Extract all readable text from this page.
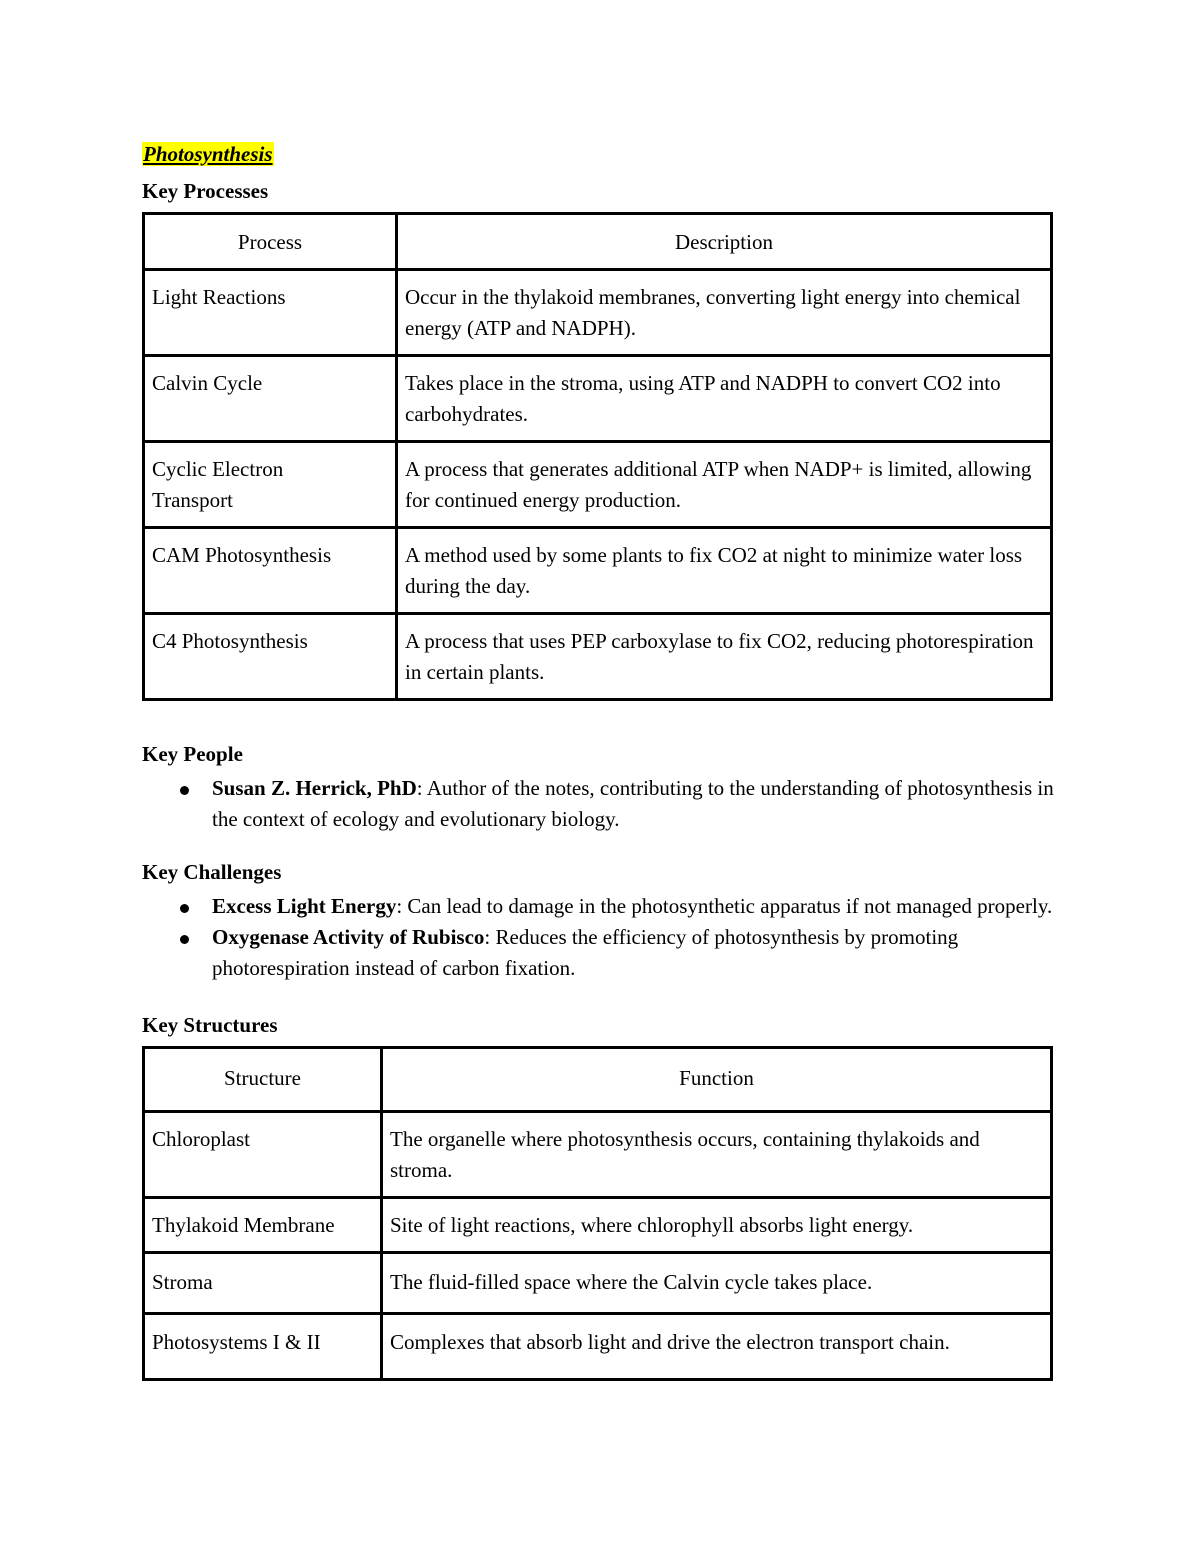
Photosynthesis
Key Processes
Process	Description
Light Reactions	Occur in the thylakoid membranes, converting light energy into chemical energy (ATP and NADPH).
Calvin Cycle	Takes place in the stroma, using ATP and NADPH to convert CO2 into carbohydrates.
Cyclic Electron Transport	A process that generates additional ATP when NADP+ is limited, allowing for continued energy production.
CAM Photosynthesis	A method used by some plants to fix CO2 at night to minimize water loss during the day.
C4 Photosynthesis	A process that uses PEP carboxylase to fix CO2, reducing photorespiration in certain plants.
Key People
Susan Z. Herrick, PhD: Author of the notes, contributing to the understanding of photosynthesis in the context of ecology and evolutionary biology.
Key Challenges
Excess Light Energy: Can lead to damage in the photosynthetic apparatus if not managed properly.
Oxygenase Activity of Rubisco: Reduces the efficiency of photosynthesis by promoting photorespiration instead of carbon fixation.
Key Structures
Structure	Function
Chloroplast	The organelle where photosynthesis occurs, containing thylakoids and stroma.
Thylakoid Membrane	Site of light reactions, where chlorophyll absorbs light energy.
Stroma	The fluid-filled space where the Calvin cycle takes place.
Photosystems I & II	Complexes that absorb light and drive the electron transport chain.
